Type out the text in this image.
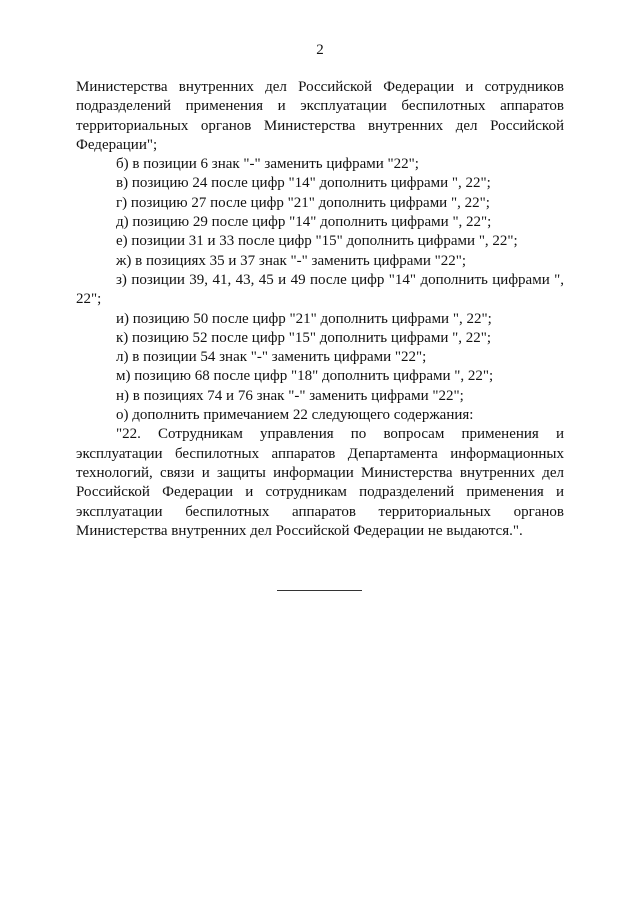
2

Министерства внутренних дел Российской Федерации и сотрудников подразделений применения и эксплуатации беспилотных аппаратов территориальных органов Министерства внутренних дел Российской Федерации";

б) в позиции 6 знак "-" заменить цифрами "22";

в) позицию 24 после цифр "14" дополнить цифрами ", 22";

г) позицию 27 после цифр "21" дополнить цифрами ", 22";

д) позицию 29 после цифр "14" дополнить цифрами ", 22";

е) позиции 31 и 33 после цифр "15" дополнить цифрами ", 22";

ж) в позициях 35 и 37 знак "-" заменить цифрами "22";

з) позиции 39, 41, 43, 45 и 49 после цифр "14" дополнить цифрами ", 22";

и) позицию 50 после цифр "21" дополнить цифрами ", 22";

к) позицию 52 после цифр "15" дополнить цифрами ", 22";

л) в позиции 54 знак "-" заменить цифрами "22";

м) позицию 68 после цифр "18" дополнить цифрами ", 22";

н) в позициях 74 и 76 знак "-" заменить цифрами "22";

о) дополнить примечанием 22 следующего содержания:

"22. Сотрудникам управления по вопросам применения и эксплуатации беспилотных аппаратов Департамента информационных технологий, связи и защиты информации Министерства внутренних дел Российской Федерации и сотрудникам подразделений применения и эксплуатации беспилотных аппаратов территориальных органов Министерства внутренних дел Российской Федерации не выдаются.".
